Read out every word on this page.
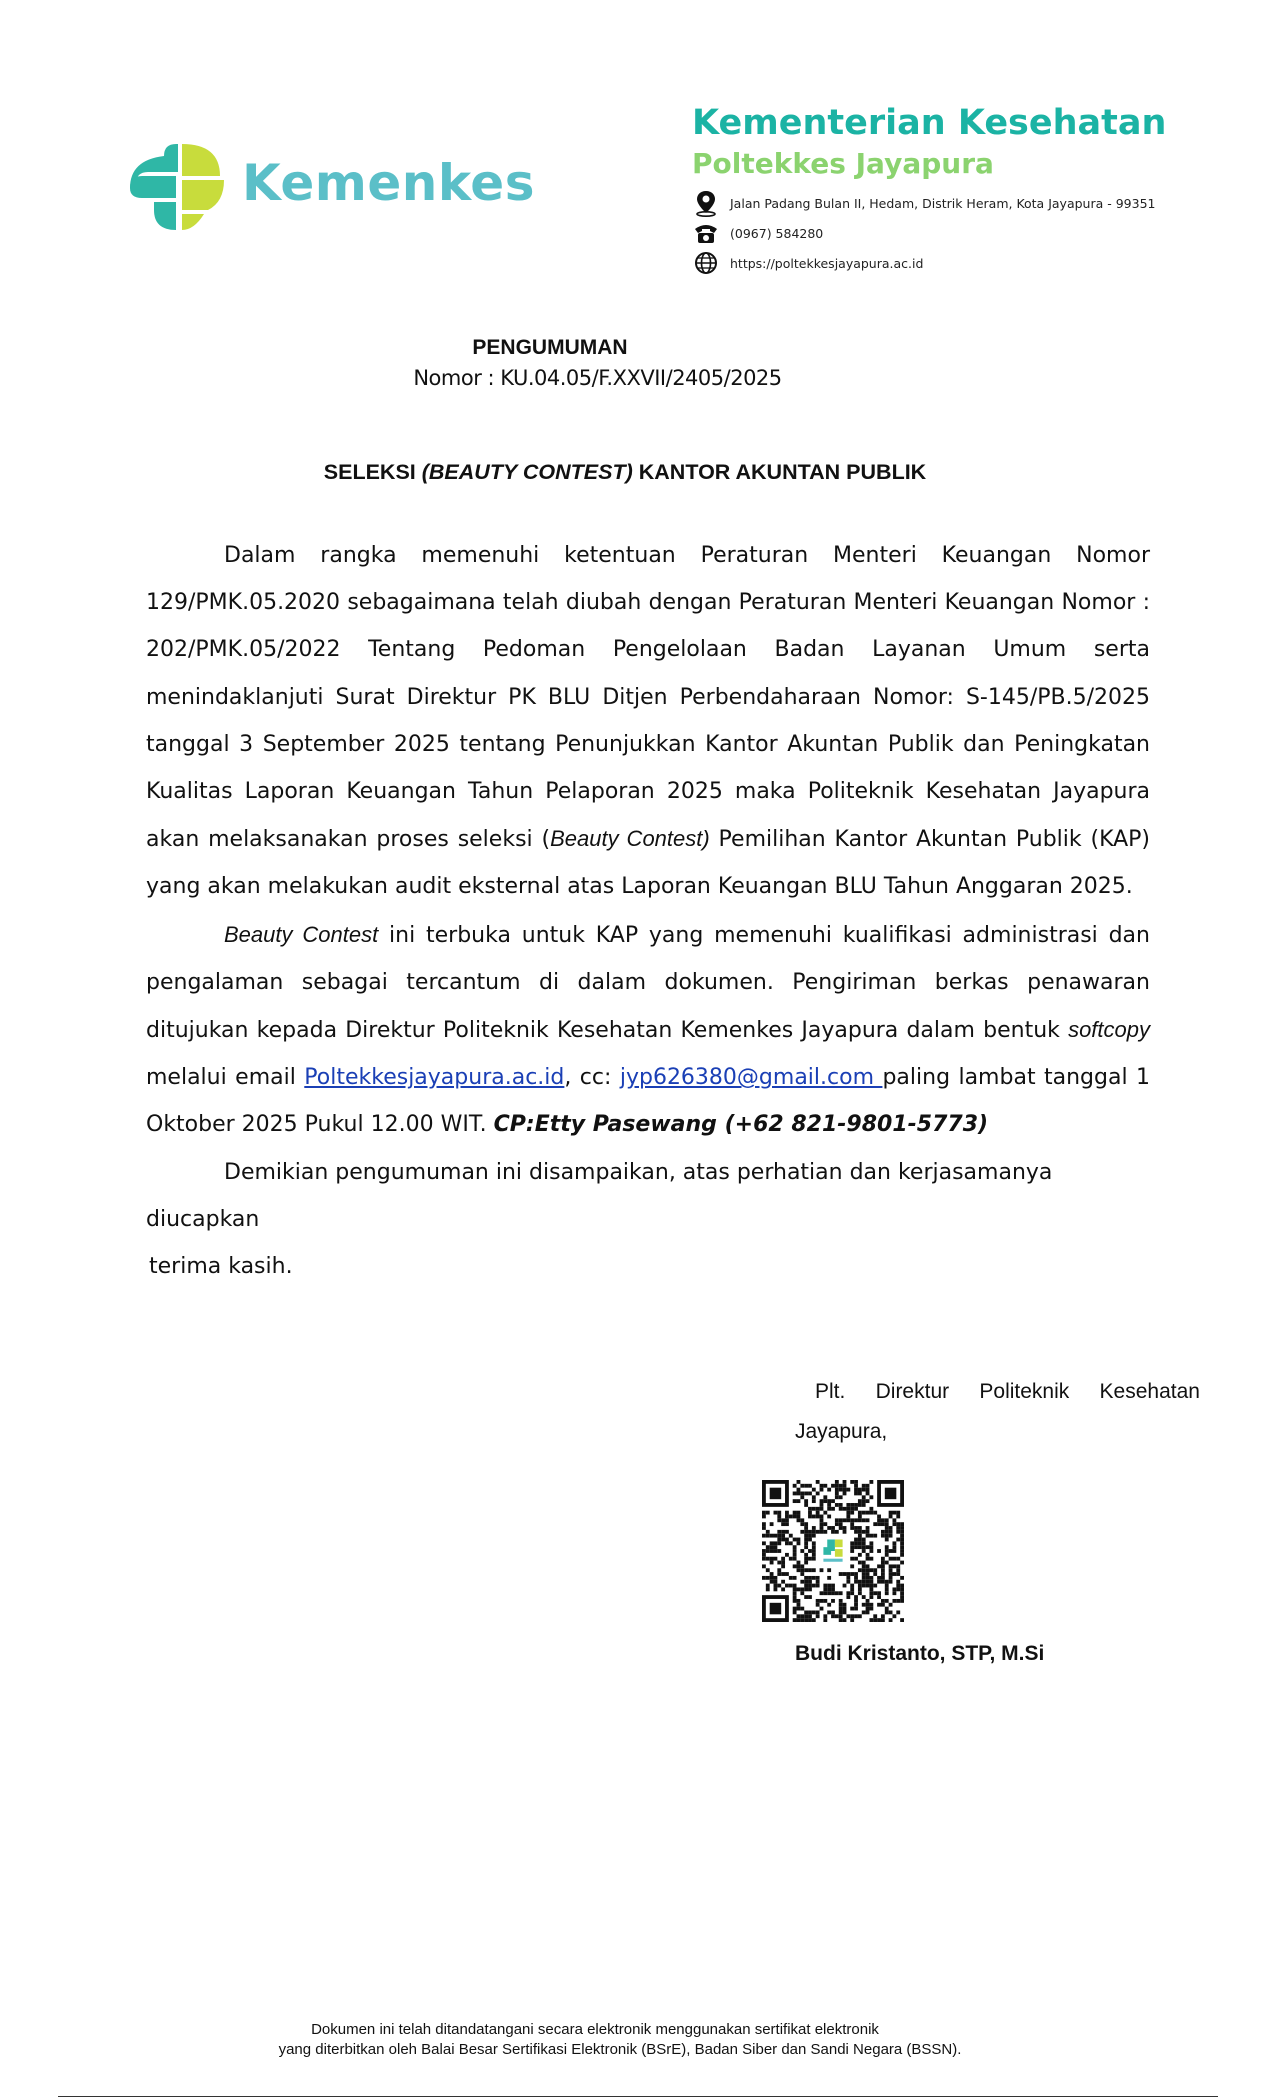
Kemenkes
Kementerian Kesehatan
Poltekkes Jayapura
Jalan Padang Bulan II, Hedam, Distrik Heram, Kota Jayapura - 99351
(0967) 584280
https://poltekkesjayapura.ac.id
PENGUMUMAN
Nomor : KU.04.05/F.XXVII/2405/2025
SELEKSI (BEAUTY CONTEST) KANTOR AKUNTAN PUBLIK

Dalam rangka memenuhi ketentuan Peraturan Menteri Keuangan Nomor 129/PMK.05.2020 sebagaimana telah diubah dengan Peraturan Menteri Keuangan Nomor : 202/PMK.05/2022 Tentang Pedoman Pengelolaan Badan Layanan Umum serta menindaklanjuti Surat Direktur PK BLU Ditjen Perbendaharaan Nomor: S-145/PB.5/2025 tanggal 3 September 2025 tentang Penunjukkan Kantor Akuntan Publik dan Peningkatan Kualitas Laporan Keuangan Tahun Pelaporan 2025 maka Politeknik Kesehatan Jayapura akan melaksanakan proses seleksi (Beauty Contest) Pemilihan Kantor Akuntan Publik (KAP) yang akan melakukan audit eksternal atas Laporan Keuangan BLU Tahun Anggaran 2025.

Beauty Contest ini terbuka untuk KAP yang memenuhi kualifikasi administrasi dan pengalaman sebagai tercantum di dalam dokumen. Pengiriman berkas penawaran ditujukan kepada Direktur Politeknik Kesehatan Kemenkes Jayapura dalam bentuk softcopy melalui email Poltekkesjayapura.ac.id, cc: jyp626380@gmail.com paling lambat tanggal 1 Oktober 2025 Pukul 12.00 WIT. CP:Etty Pasewang (+62 821-9801-5773)

Demikian pengumuman ini disampaikan, atas perhatian dan kerjasamanya diucapkan

terima kasih.

Plt. Direktur Politeknik Kesehatan
Jayapura,
Budi Kristanto, STP, M.Si
Dokumen ini telah ditandatangani secara elektronik menggunakan sertifikat elektronik
yang diterbitkan oleh Balai Besar Sertifikasi Elektronik (BSrE), Badan Siber dan Sandi Negara (BSSN).
